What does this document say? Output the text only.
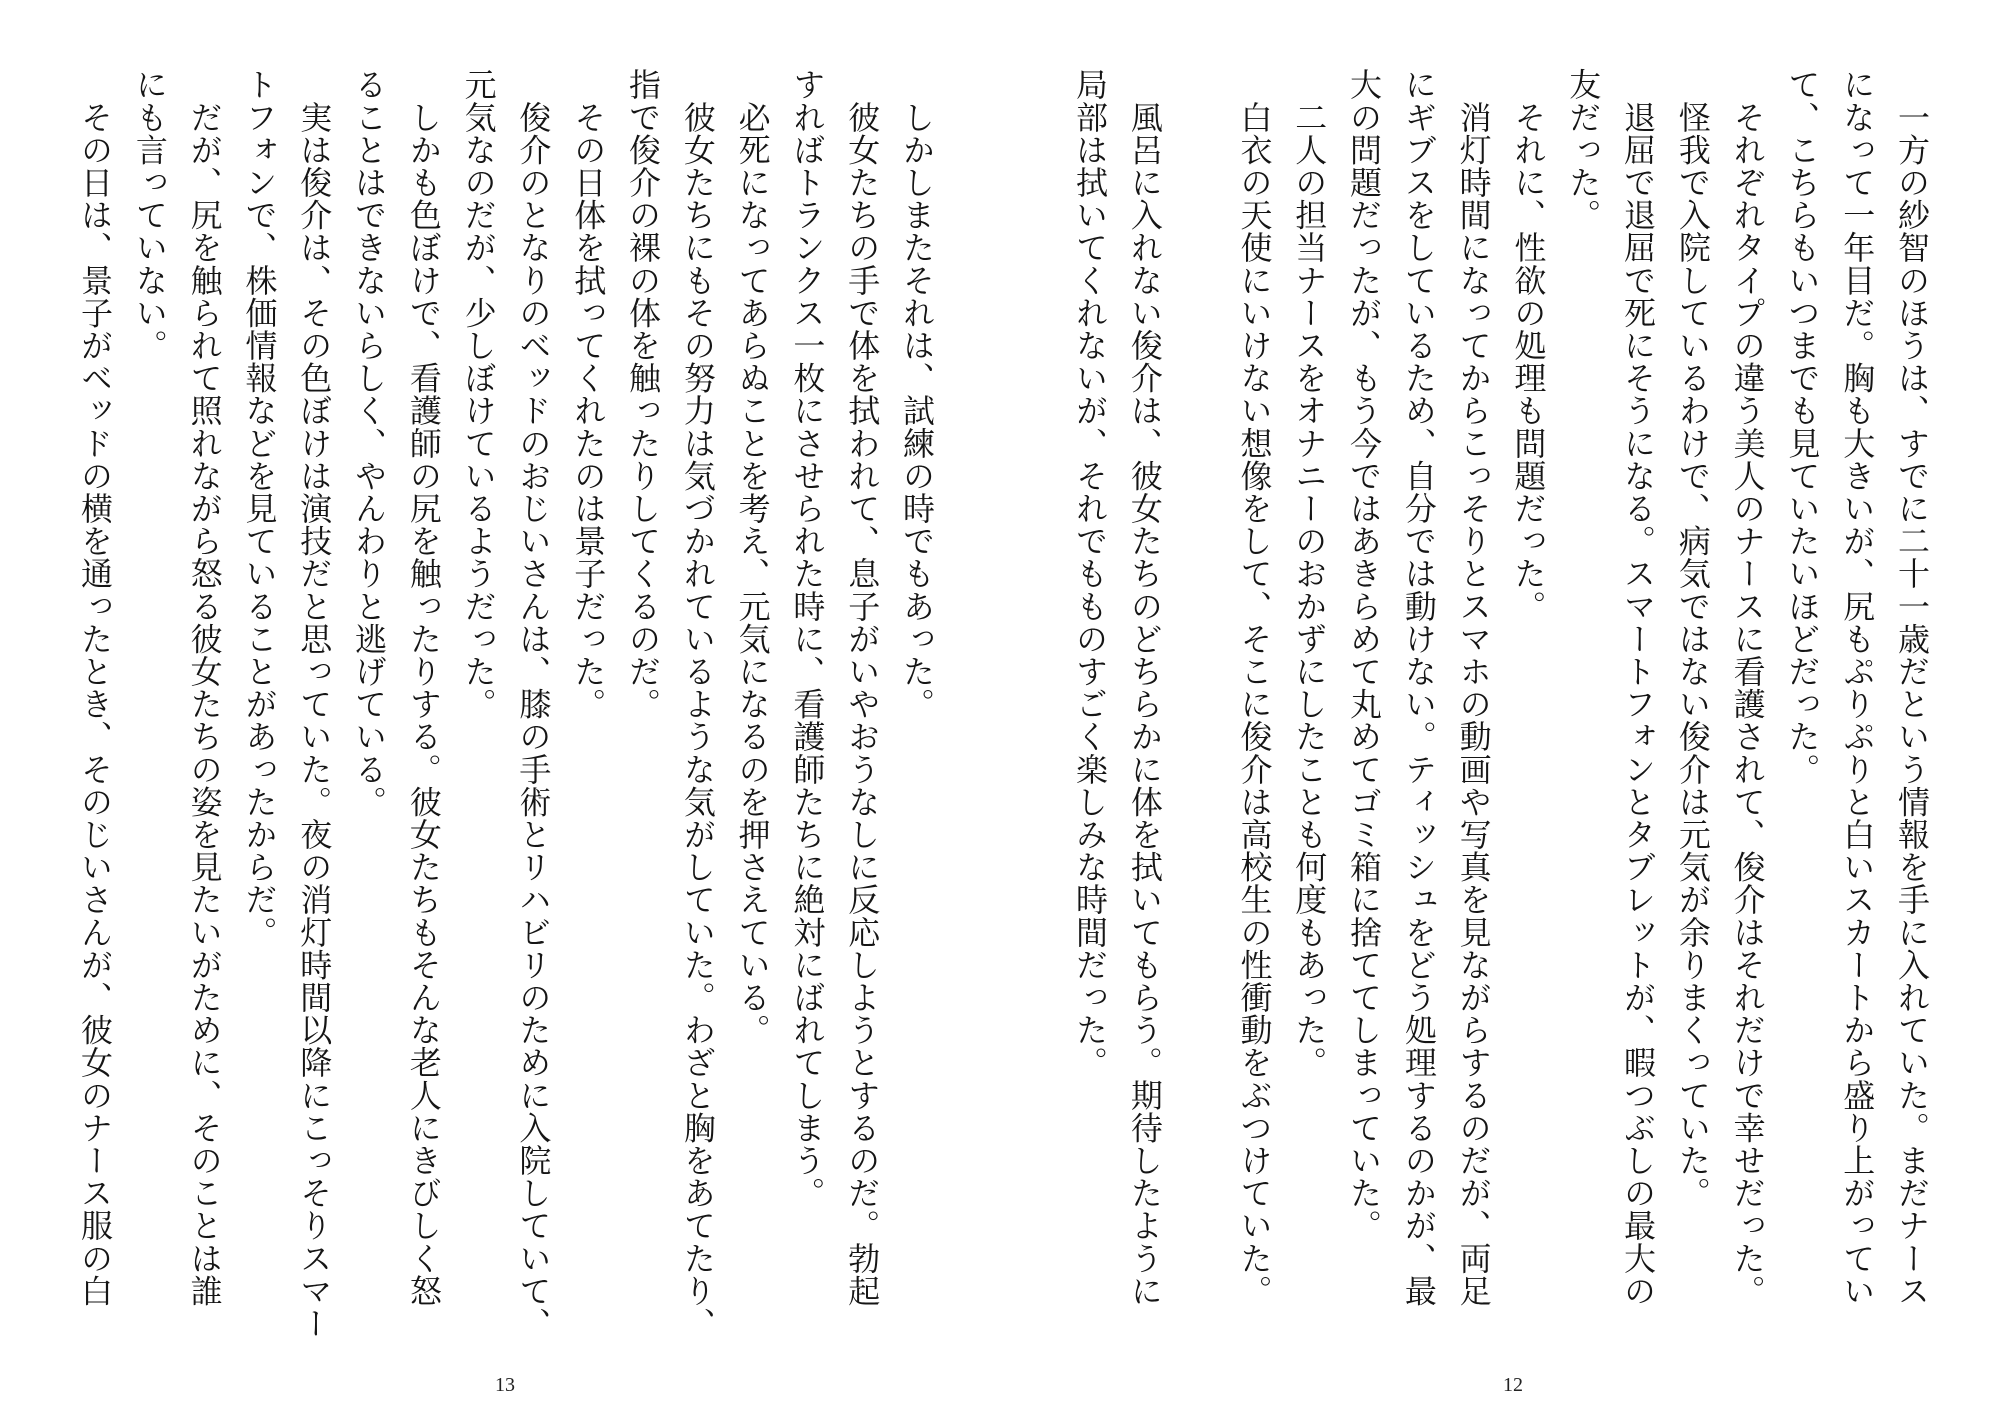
　一方の紗智のほうは、すでに二十一歳だという情報を手に入れていた。まだナース
になって一年目だ。胸も大きいが、尻もぷりぷりと白いスカートから盛り上がってい
て、こちらもいつまでも見ていたいほどだった。
　それぞれタイプの違う美人のナースに看護されて、俊介はそれだけで幸せだった。
　怪我で入院しているわけで、病気ではない俊介は元気が余りまくっていた。
　退屈で退屈で死にそうになる。スマートフォンとタブレットが、暇つぶしの最大の
友だった。
　それに、性欲の処理も問題だった。
　消灯時間になってからこっそりとスマホの動画や写真を見ながらするのだが、両足
にギブスをしているため、自分では動けない。ティッシュをどう処理するのかが、最
大の問題だったが、もう今ではあきらめて丸めてゴミ箱に捨ててしまっていた。
　二人の担当ナースをオナニーのおかずにしたことも何度もあった。
　白衣の天使にいけない想像をして、そこに俊介は高校生の性衝動をぶつけていた。
　風呂に入れない俊介は、彼女たちのどちらかに体を拭いてもらう。期待したように
局部は拭いてくれないが、それでもものすごく楽しみな時間だった。
12
　しかしまたそれは、試練の時でもあった。
　彼女たちの手で体を拭われて、息子がいやおうなしに反応しようとするのだ。勃起
すればトランクス一枚にさせられた時に、看護師たちに絶対にばれてしまう。
　必死になってあらぬことを考え、元気になるのを押さえている。
　彼女たちにもその努力は気づかれているような気がしていた。わざと胸をあてたり、
指で俊介の裸の体を触ったりしてくるのだ。
　その日体を拭ってくれたのは景子だった。
　俊介のとなりのベッドのおじいさんは、膝の手術とリハビリのために入院していて、
元気なのだが、少しぼけているようだった。
　しかも色ぼけで、看護師の尻を触ったりする。彼女たちもそんな老人にきびしく怒
ることはできないらしく、やんわりと逃げている。
　実は俊介は、その色ぼけは演技だと思っていた。夜の消灯時間以降にこっそりスマー
トフォンで、株価情報などを見ていることがあったからだ。
　だが、尻を触られて照れながら怒る彼女たちの姿を見たいがために、そのことは誰
にも言っていない。
　その日は、景子がベッドの横を通ったとき、そのじいさんが、彼女のナース服の白
13
